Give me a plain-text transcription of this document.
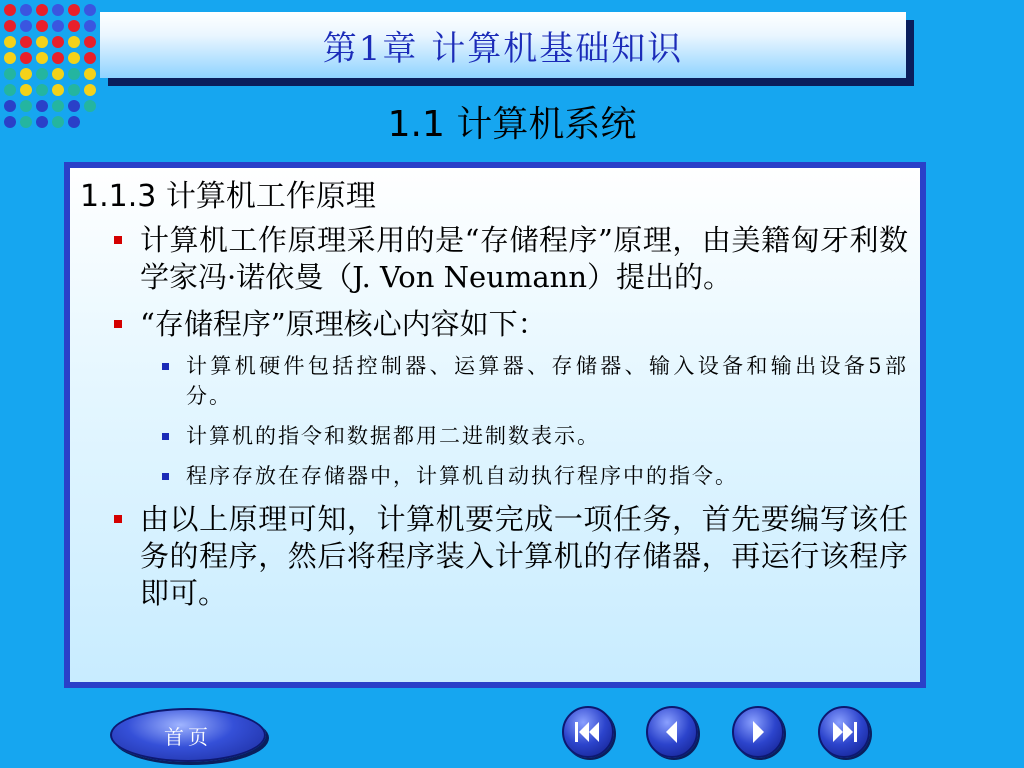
第1章 计算机基础知识
1.1 计算机系统
1.1.3 计算机工作原理
计算机工作原理采用的是“存储程序”原理，由美籍匈牙利数学家冯·诺依曼（J. Von Neumann）提出的。
“存储程序”原理核心内容如下：
计算机硬件包括控制器、运算器、存储器、输入设备和输出设备5部分。
计算机的指令和数据都用二进制数表示。
程序存放在存储器中，计算机自动执行程序中的指令。
由以上原理可知，计算机要完成一项任务，首先要编写该任务的程序，然后将程序装入计算机的存储器，再运行该程序即可。
首页
